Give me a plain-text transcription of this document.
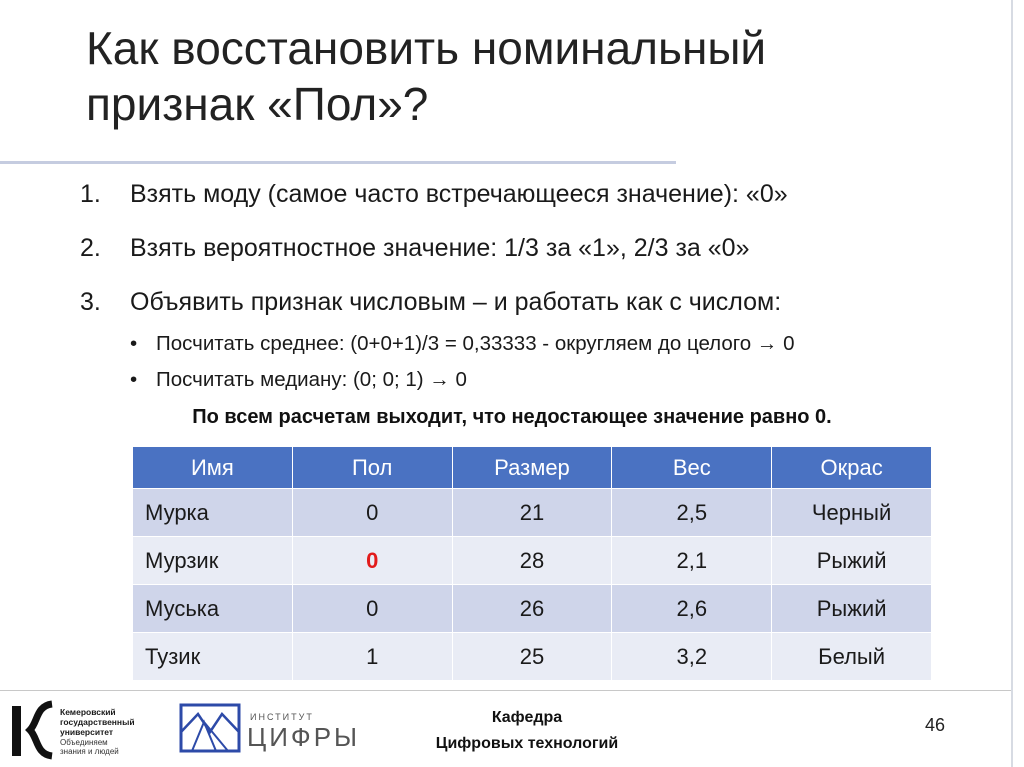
Как восстановить номинальный
признак «Пол»?
1. Взять моду (самое часто встречающееся значение): «0»
2. Взять вероятностное значение: 1/3 за «1», 2/3 за «0»
3. Объявить признак числовым – и работать как с числом:
• Посчитать среднее: (0+0+1)/3 = 0,33333 - округляем до целого → 0
• Посчитать медиану: (0; 0; 1) → 0
По всем расчетам выходит, что недостающее значение равно 0.
Имя	Пол	Размер	Вес	Окрас
Мурка	0	21	2,5	Черный
Мурзик	0	28	2,1	Рыжий
Муська	0	26	2,6	Рыжий
Тузик	1	25	3,2	Белый
Кемеровский
государственный
университет
Объединяем
знания и людей
ИНСТИТУТ
ЦИФРЫ
Кафедра
Цифровых технологий
46
